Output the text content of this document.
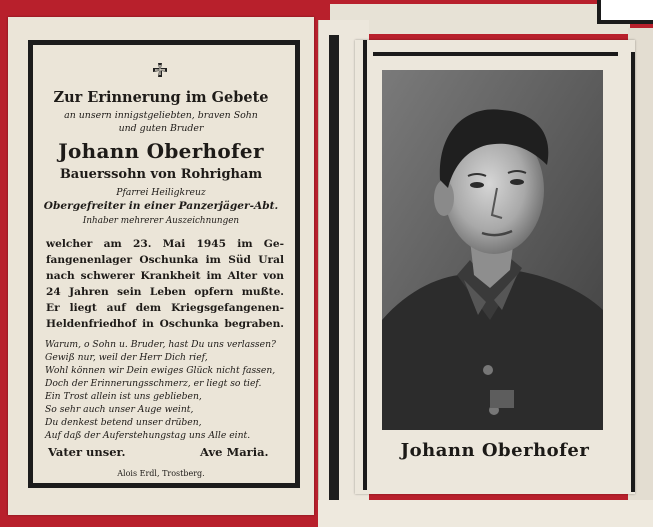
Zur Erinnerung im Gebete
an unsern innigstgeliebten, braven Sohn
und guten Bruder
Johann Oberhofer
Bauerssohn von Rohrigham
Pfarrei Heiligkreuz
Obergefreiter in einer Panzerjäger-Abt.
Inhaber mehrerer Auszeichnungen
welcher am 23. Mai 1945 im Ge-
fangenenlager Oschunka im Süd Ural
nach schwerer Krankheit im Alter von
24 Jahren sein Leben opfern mußte.
Er liegt auf dem Kriegsgefangenen-
Heldenfriedhof in Oschunka begraben.
Warum, o Sohn u. Bruder, hast Du uns verlassen?
Gewiß nur, weil der Herr Dich rief,
Wohl können wir Dein ewiges Glück nicht fassen,
Doch der Erinnerungsschmerz, er liegt so tief.
Ein Trost allein ist uns geblieben,
So sehr auch unser Auge weint,
Du denkest betend unser drüben,
Auf daß der Auferstehungstag uns Alle eint.
Vater unser.	Ave Maria.
Alois Erdl, Trostberg.
Johann Oberhofer
